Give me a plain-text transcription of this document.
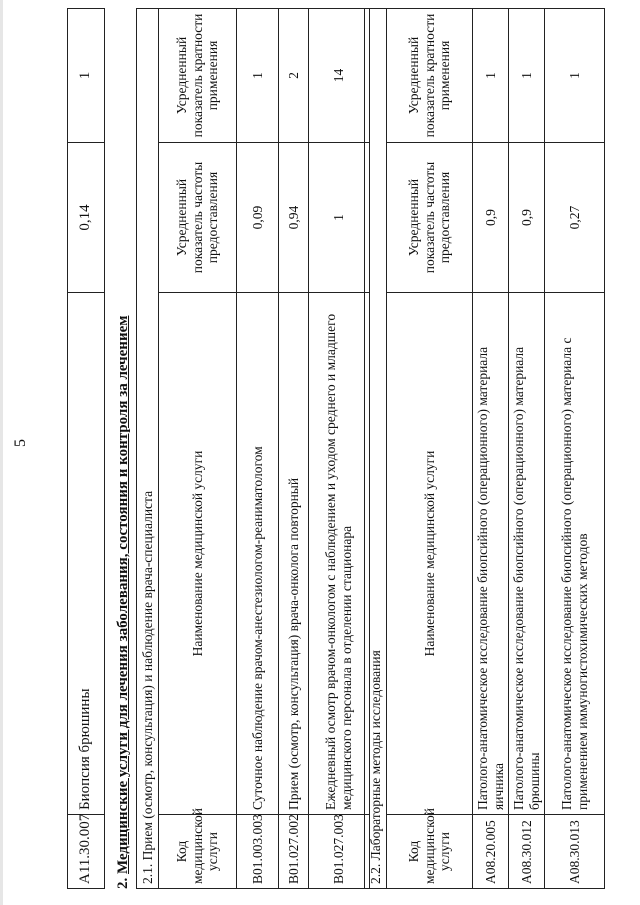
5
A11.30.007	Биопсия брюшины	0,14	1
2. Медицинские услуги для лечения заболевания, состояния и контроля за лечением 2.1. Прием (осмотр, консультация) и наблюдение врача-специалиста			
Код медицинской услуги	Наименование медицинской услуги	Усредненный показатель частоты предоставления	Усредненный показатель кратности применения
B01.003.003	Суточное наблюдение врачом-анестезиологом-реаниматологом	0,09	1
B01.027.002	Прием (осмотр, консультация) врача-онколога повторный	0,94	2
B01.027.003	Ежедневный осмотр врачом-онкологом с наблюдением и уходом среднего и младшего медицинского персонала в отделении стационара	1	14
2.2. Лабораторные методы исследования			
Код медицинской услуги	Наименование медицинской услуги	Усредненный показатель частоты предоставления	Усредненный показатель кратности применения
A08.20.005	Патолого-анатомическое исследование биопсийного (операционного) материала яичника	0,9	1
A08.30.012	Патолого-анатомическое исследование биопсийного (операционного) материала брюшины	0,9	1
A08.30.013	Патолого-анатомическое исследование биопсийного (операционного) материала с применением иммуногистохимических методов	0,27	1
